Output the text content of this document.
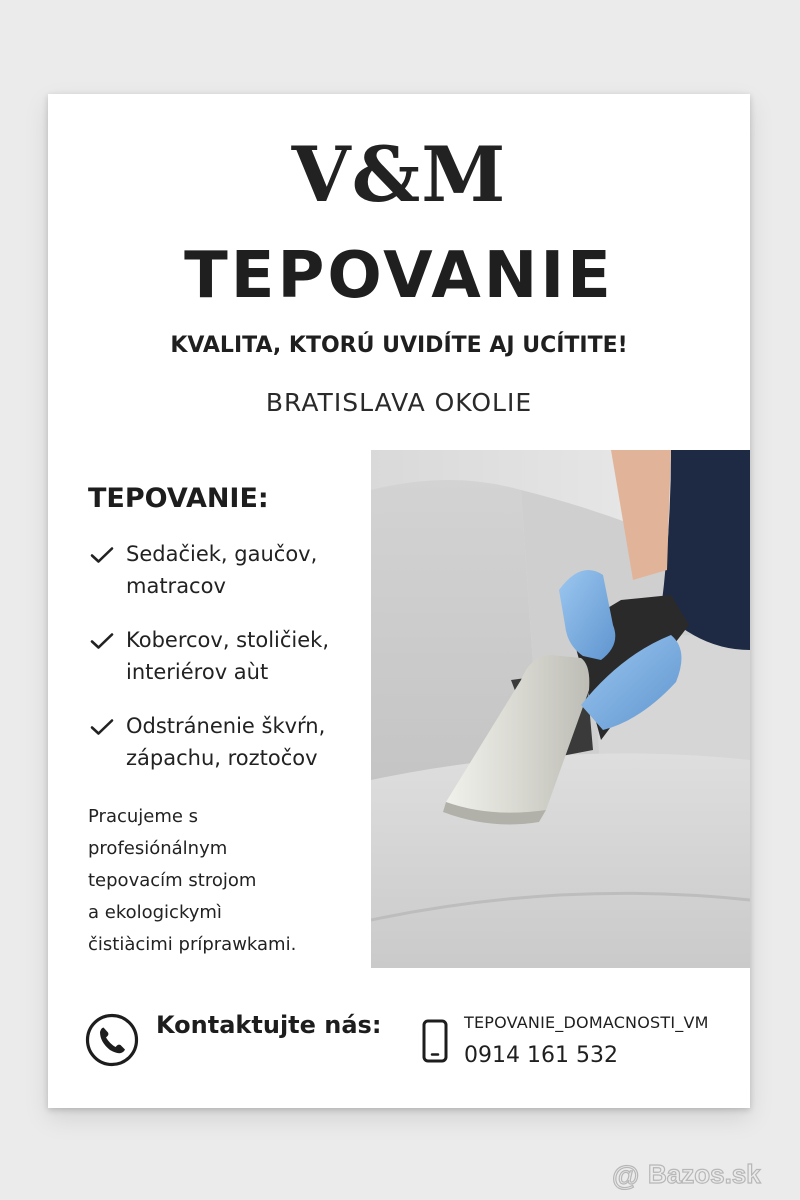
V&M
TEPOVANIE
KVALITA, KTORÚ UVIDÍTE AJ UCÍTITE!
BRATISLAVA OKOLIE
TEPOVANIE:
Sedačiek, gaučov,
matracov
Kobercov, stoličiek,
interiérov aùt
Odstránenie škvŕn,
zápachu, roztočov
Pracujeme s
profesiónálnym
tepovacím strojom
a ekologickymì
čistiàcimi príprawkami.
Kontaktujte nás:	TEPOVANIE_DOMACNOSTI_VM
0914 161 532
@ Bazos.sk
